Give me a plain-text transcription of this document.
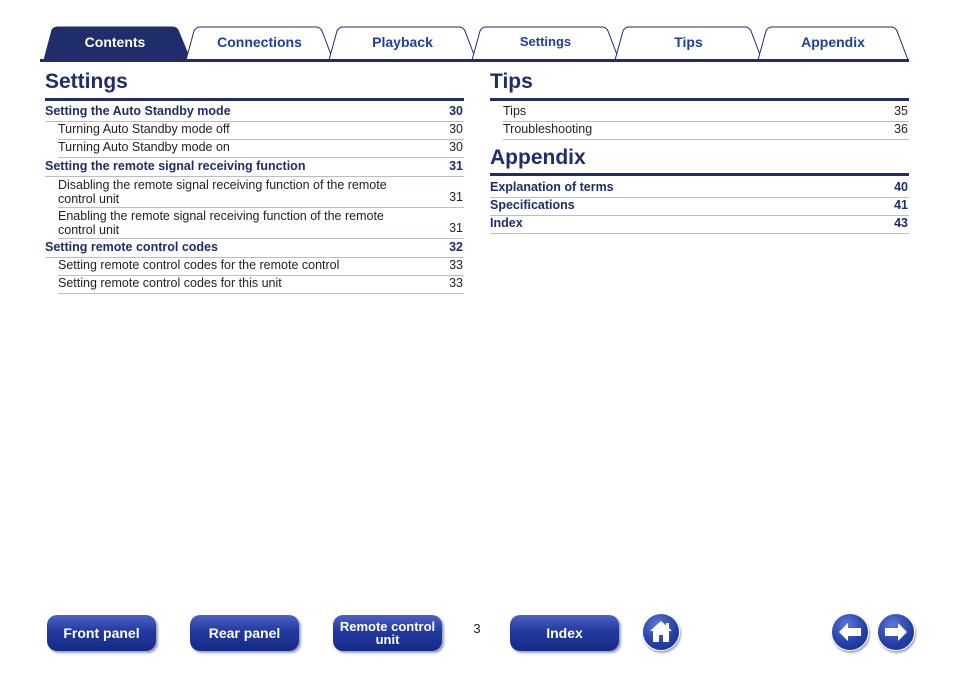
Contents	Connections	Playback	Settings	Tips	Appendix
Settings
Setting the Auto Standby mode	30
Turning Auto Standby mode off	30
Turning Auto Standby mode on	30
Setting the remote signal receiving function	31
Disabling the remote signal receiving function of the remote control unit	31
Enabling the remote signal receiving function of the remote control unit	31
Setting remote control codes	32
Setting remote control codes for the remote control	33
Setting remote control codes for this unit	33
Tips
Tips	35
Troubleshooting	36
Appendix
Explanation of terms	40
Specifications	41
Index	43
Front panel	Rear panel	Remote control
unit
3	Index
